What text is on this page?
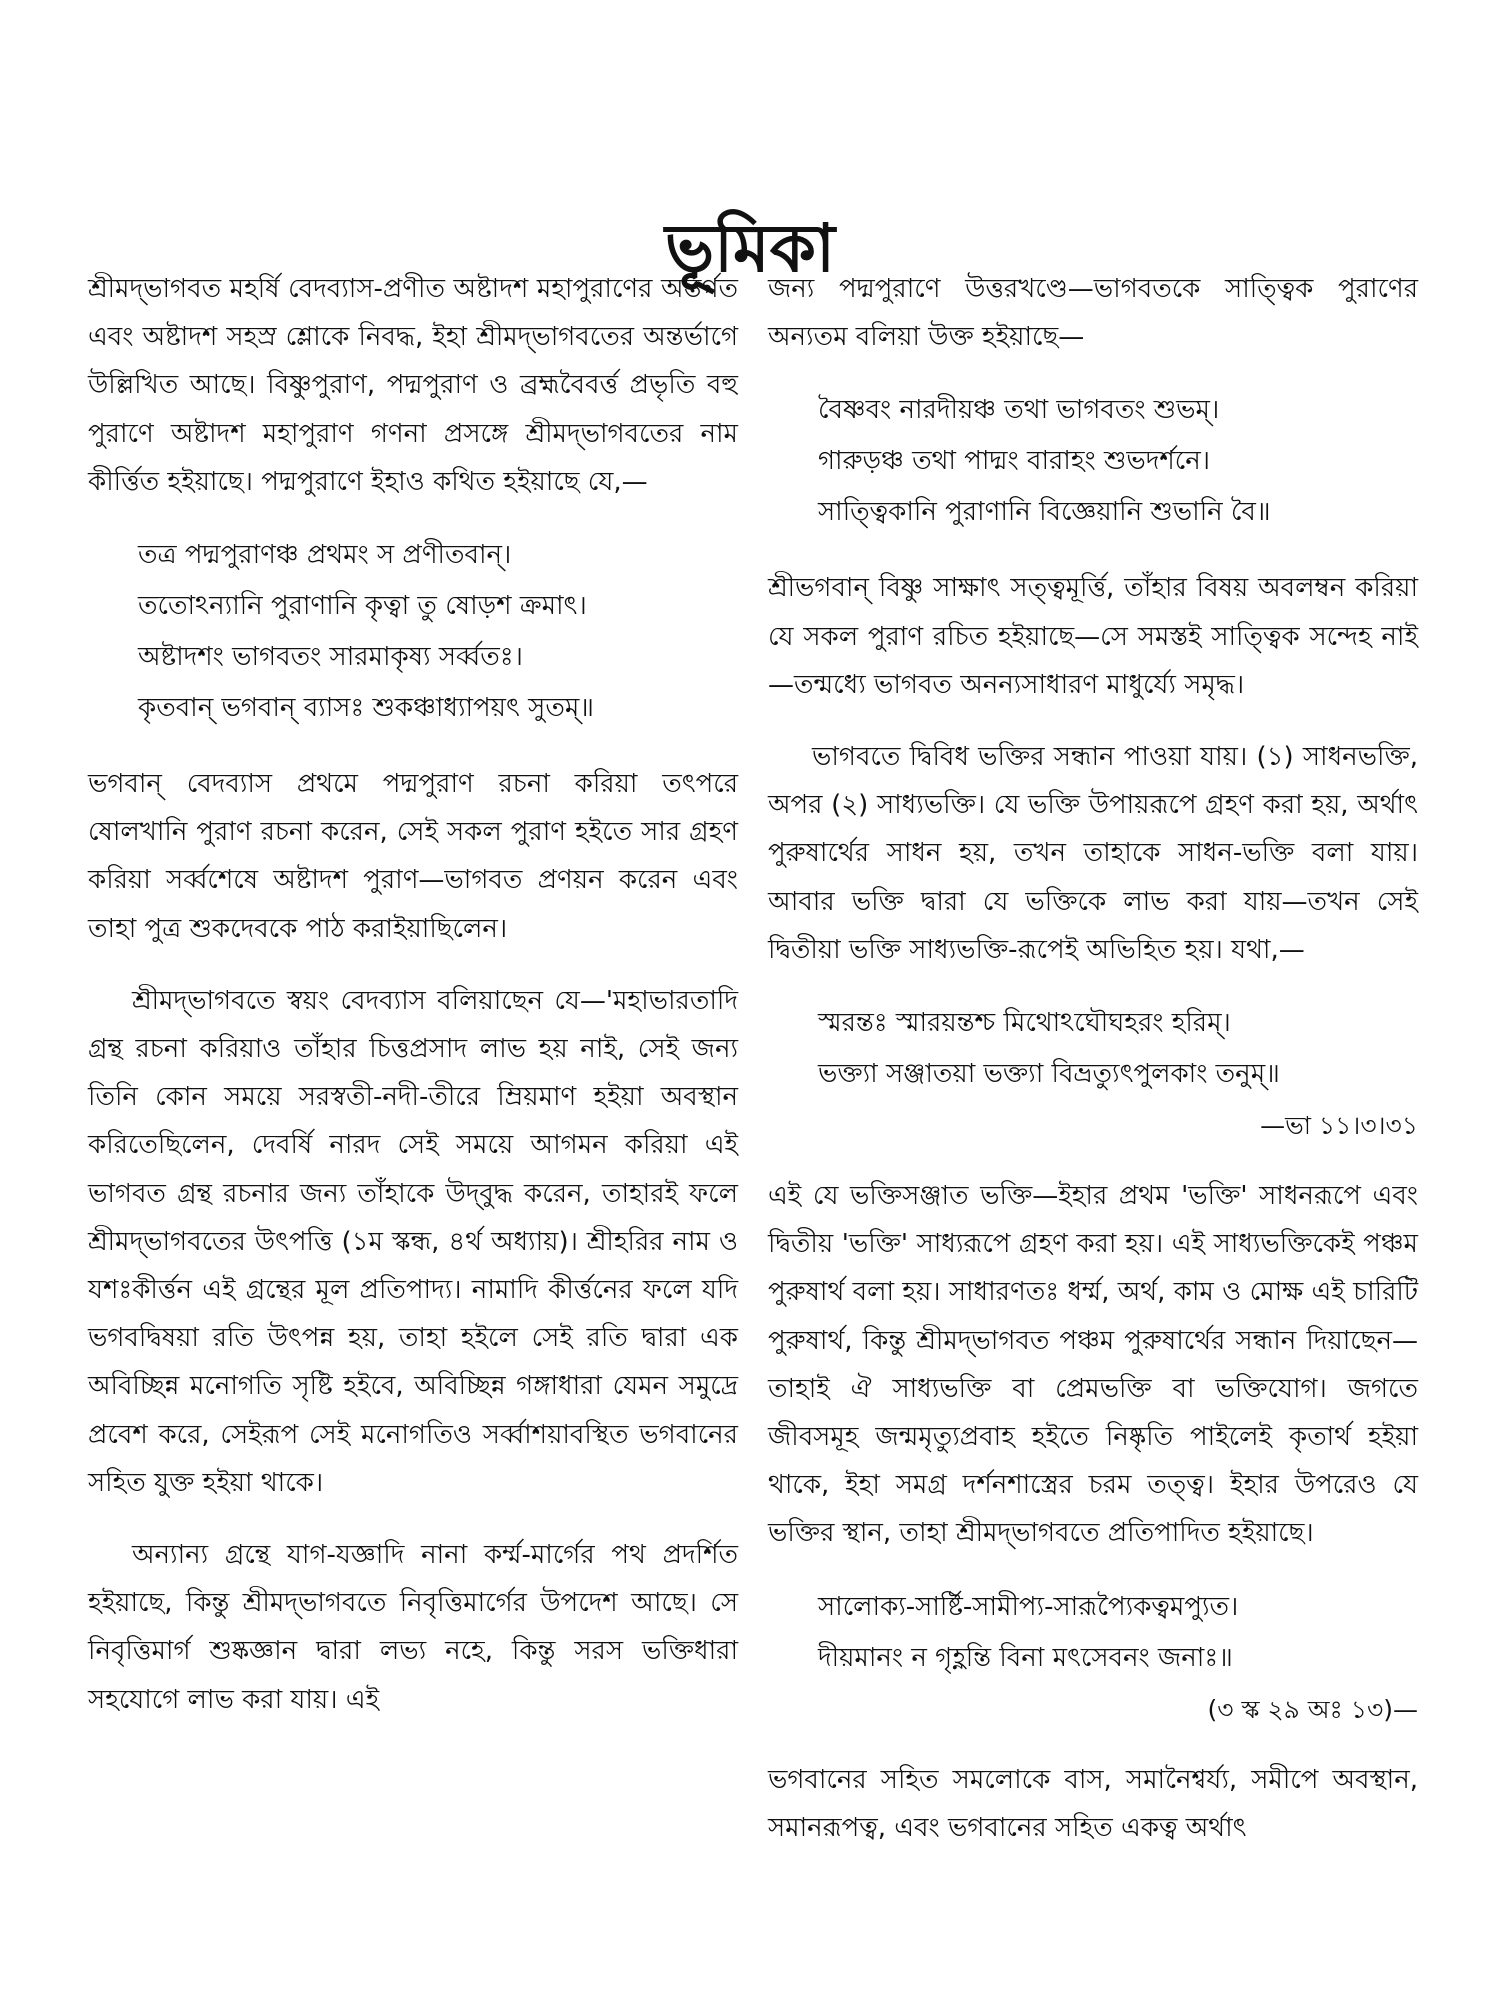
ভূমিকা

শ্রীমদ্‌ভাগবত মহর্ষি বেদব্যাস-প্রণীত অষ্টাদশ মহাপুরাণের অন্তর্গত এবং অষ্টাদশ সহস্র শ্লোকে নিবদ্ধ, ইহা শ্রীমদ্‌ভাগবতের অন্তর্ভাগে উল্লিখিত আছে। বিষ্ণুপুরাণ, পদ্মপুরাণ ও ব্রহ্মবৈবর্ত্ত প্রভৃতি বহু পুরাণে অষ্টাদশ মহাপুরাণ গণনা প্রসঙ্গে শ্রীমদ্‌ভাগবতের নাম কীর্ত্তিত হইয়াছে। পদ্মপুরাণে ইহাও কথিত হইয়াছে যে,—

তত্র পদ্মপুরাণঞ্চ প্রথমং স প্রণীতবান্‌।
ততোঽন্যানি পুরাণানি কৃত্বা তু ষোড়শ ক্রমাৎ।
অষ্টাদশং ভাগবতং সারমাকৃষ্য সর্ব্বতঃ।
কৃতবান্‌ ভগবান্‌ ব্যাসঃ শুকঞ্চাধ্যাপয়ৎ সুতম্‌॥

ভগবান্‌ বেদব্যাস প্রথমে পদ্মপুরাণ রচনা করিয়া তৎপরে ষোলখানি পুরাণ রচনা করেন, সেই সকল পুরাণ হইতে সার গ্রহণ করিয়া সর্ব্বশেষে অষ্টাদশ পুরাণ—ভাগবত প্রণয়ন করেন এবং তাহা পুত্র শুকদেবকে পাঠ করাইয়াছিলেন।

শ্রীমদ্‌ভাগবতে স্বয়ং বেদব্যাস বলিয়াছেন যে—'মহাভারতাদি গ্রন্থ রচনা করিয়াও তাঁহার চিত্তপ্রসাদ লাভ হয় নাই, সেই জন্য তিনি কোন সময়ে সরস্বতী-নদী-তীরে ম্রিয়মাণ হইয়া অবস্থান করিতেছিলেন, দেবর্ষি নারদ সেই সময়ে আগমন করিয়া এই ভাগবত গ্রন্থ রচনার জন্য তাঁহাকে উদ্‌বুদ্ধ করেন, তাহারই ফলে শ্রীমদ্‌ভাগবতের উৎপত্তি (১ম স্কন্ধ, ৪র্থ অধ্যায়)। শ্রীহরির নাম ও যশঃকীর্ত্তন এই গ্রন্থের মূল প্রতিপাদ্য। নামাদি কীর্ত্তনের ফলে যদি ভগবদ্বিষয়া রতি উৎপন্ন হয়, তাহা হইলে সেই রতি দ্বারা এক অবিচ্ছিন্ন মনোগতি সৃষ্টি হইবে, অবিচ্ছিন্ন গঙ্গাধারা যেমন সমুদ্রে প্রবেশ করে, সেইরূপ সেই মনোগতিও সর্ব্বাশয়াবস্থিত ভগবানের সহিত যুক্ত হইয়া থাকে।

অন্যান্য গ্রন্থে যাগ-যজ্ঞাদি নানা কর্ম্ম-মার্গের পথ প্রদর্শিত হইয়াছে, কিন্তু শ্রীমদ্‌ভাগবতে নিবৃত্তিমার্গের উপদেশ আছে। সে নিবৃত্তিমার্গ শুষ্কজ্ঞান দ্বারা লভ্য নহে, কিন্তু সরস ভক্তিধারা সহযোগে লাভ করা যায়। এই

জন্য পদ্মপুরাণে উত্তরখণ্ডে—ভাগবতকে সাত্ত্বিক পুরাণের অন্যতম বলিয়া উক্ত হইয়াছে—

বৈষ্ণবং নারদীয়ঞ্চ তথা ভাগবতং শুভম্‌।
গারুড়ঞ্চ তথা পাদ্মং বারাহং শুভদর্শনে।
সাত্ত্বিকানি পুরাণানি বিজ্ঞেয়ানি শুভানি বৈ॥

শ্রীভগবান্‌ বিষ্ণু সাক্ষাৎ সত্ত্বমূর্ত্তি, তাঁহার বিষয় অবলম্বন করিয়া যে সকল পুরাণ রচিত হইয়াছে—সে সমস্তই সাত্ত্বিক সন্দেহ নাই—তন্মধ্যে ভাগবত অনন্যসাধারণ মাধুর্য্যে সমৃদ্ধ।

ভাগবতে দ্বিবিধ ভক্তির সন্ধান পাওয়া যায়। (১) সাধনভক্তি, অপর (২) সাধ্যভক্তি। যে ভক্তি উপায়রূপে গ্রহণ করা হয়, অর্থাৎ পুরুষার্থের সাধন হয়, তখন তাহাকে সাধন-ভক্তি বলা যায়। আবার ভক্তি দ্বারা যে ভক্তিকে লাভ করা যায়—তখন সেই দ্বিতীয়া ভক্তি সাধ্যভক্তি-রূপেই অভিহিত হয়। যথা,—

স্মরন্তঃ স্মারয়ন্তশ্চ মিথোঽঘৌঘহরং হরিম্‌।
ভক্ত্যা সঞ্জাতয়া ভক্ত্যা বিভ্রত্যুৎপুলকাং তনুম্‌॥
—ভা ১১।৩।৩১

এই যে ভক্তিসঞ্জাত ভক্তি—ইহার প্রথম 'ভক্তি' সাধনরূপে এবং দ্বিতীয় 'ভক্তি' সাধ্যরূপে গ্রহণ করা হয়। এই সাধ্যভক্তিকেই পঞ্চম পুরুষার্থ বলা হয়। সাধারণতঃ ধর্ম্ম, অর্থ, কাম ও মোক্ষ এই চারিটি পুরুষার্থ, কিন্তু শ্রীমদ্‌ভাগবত পঞ্চম পুরুষার্থের সন্ধান দিয়াছেন—তাহাই ঐ সাধ্যভক্তি বা প্রেমভক্তি বা ভক্তিযোগ। জগতে জীবসমূহ জন্মমৃত্যুপ্রবাহ হইতে নিষ্কৃতি পাইলেই কৃতার্থ হইয়া থাকে, ইহা সমগ্র দর্শনশাস্ত্রের চরম তত্ত্ব। ইহার উপরেও যে ভক্তির স্থান, তাহা শ্রীমদ্‌ভাগবতে প্রতিপাদিত হইয়াছে।

সালোক্য-সার্ষ্টি-সামীপ্য-সারূপ্যৈকত্বমপ্যুত।
দীয়মানং ন গৃহ্ণন্তি বিনা মৎসেবনং জনাঃ॥
(৩ স্ক ২৯ অঃ ১৩)—

ভগবানের সহিত সমলোকে বাস, সমানৈশ্বর্য্য, সমীপে অবস্থান, সমানরূপত্ব, এবং ভগবানের সহিত একত্ব অর্থাৎ
